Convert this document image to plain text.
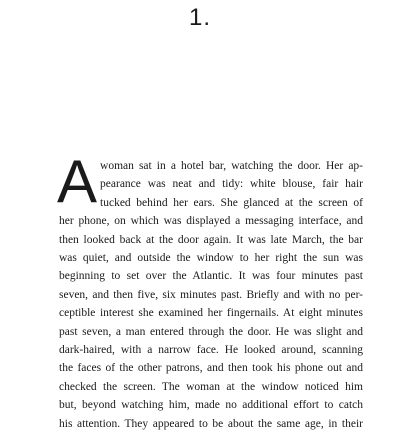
1.
A woman sat in a hotel bar, watching the door. Her ap-
pearance was neat and tidy: white blouse, fair hair
tucked behind her ears. She glanced at the screen of
her phone, on which was displayed a messaging interface, and
then looked back at the door again. It was late March, the bar
was quiet, and outside the window to her right the sun was
beginning to set over the Atlantic. It was four minutes past
seven, and then five, six minutes past. Briefly and with no per-
ceptible interest she examined her fingernails. At eight minutes
past seven, a man entered through the door. He was slight and
dark-haired, with a narrow face. He looked around, scanning
the faces of the other patrons, and then took his phone out and
checked the screen. The woman at the window noticed him
but, beyond watching him, made no additional effort to catch
his attention. They appeared to be about the same age, in their
